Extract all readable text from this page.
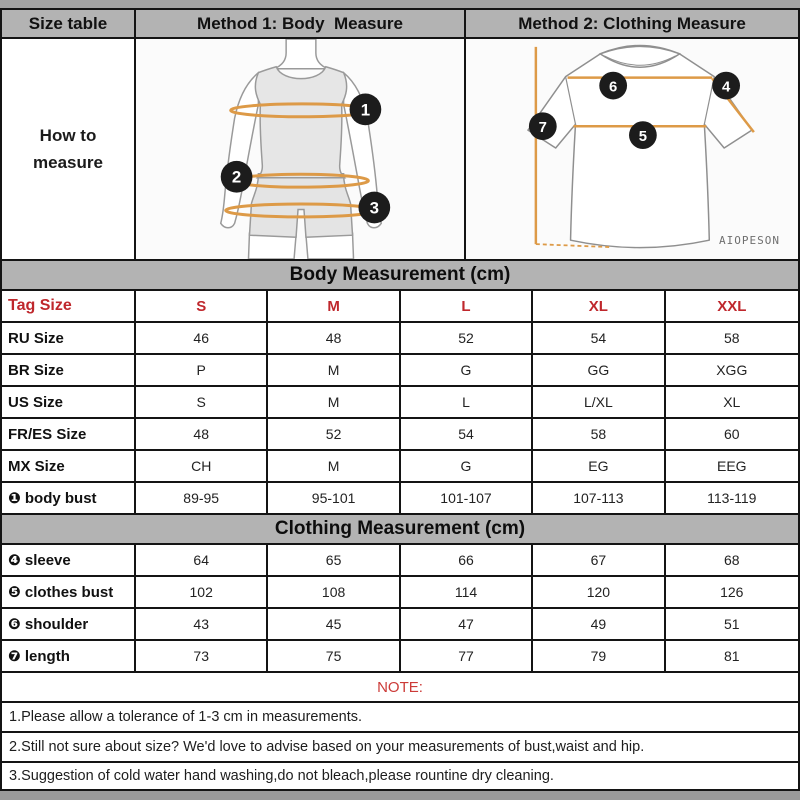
Size table	Method 1: Body  Measure	Method 2: Clothing Measure
How to measure
1
2
3
6	4
7
5
AIOPESON
Body Measurement (cm)
Tag Size	S	M	L	XL	XXL
RU Size	46	48	52	54	58
BR Size	P	M	G	GG	XGG
US Size	S	M	L	L/XL	XL
FR/ES Size	48	52	54	58	60
MX Size	CH	M	G	EG	EEG
❶ body bust	89-95	95-101	101-107	107-113	113-119
Clothing Measurement (cm)
❹ sleeve	64	65	66	67	68
❺ clothes bust	102	108	114	120	126
❻ shoulder	43	45	47	49	51
❼ length	73	75	77	79	81
NOTE:
1.Please allow a tolerance of 1-3 cm in measurements.
2.Still not sure about size? We'd love to advise based on your measurements of bust,waist and hip.
3.Suggestion of cold water hand washing,do not bleach,please rountine dry cleaning.
